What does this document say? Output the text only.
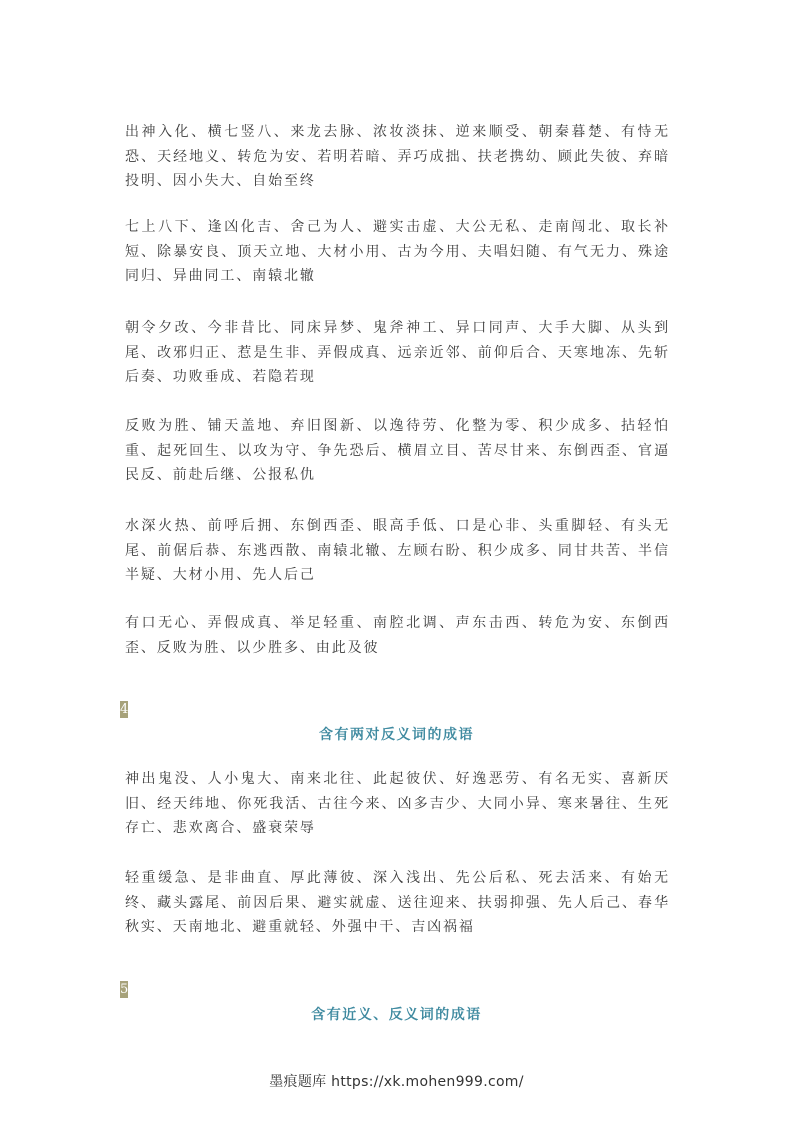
出神入化、横七竖八、来龙去脉、浓妆淡抹、逆来顺受、朝秦暮楚、有恃无恐、天经地义、转危为安、若明若暗、弄巧成拙、扶老携幼、顾此失彼、弃暗投明、因小失大、自始至终

七上八下、逢凶化吉、舍己为人、避实击虚、大公无私、走南闯北、取长补短、除暴安良、顶天立地、大材小用、古为今用、夫唱妇随、有气无力、殊途同归、异曲同工、南辕北辙

朝令夕改、今非昔比、同床异梦、鬼斧神工、异口同声、大手大脚、从头到尾、改邪归正、惹是生非、弄假成真、远亲近邻、前仰后合、天寒地冻、先斩后奏、功败垂成、若隐若现

反败为胜、铺天盖地、弃旧图新、以逸待劳、化整为零、积少成多、拈轻怕重、起死回生、以攻为守、争先恐后、横眉立目、苦尽甘来、东倒西歪、官逼民反、前赴后继、公报私仇

水深火热、前呼后拥、东倒西歪、眼高手低、口是心非、头重脚轻、有头无尾、前倨后恭、东逃西散、南辕北辙、左顾右盼、积少成多、同甘共苦、半信半疑、大材小用、先人后己

有口无心、弄假成真、举足轻重、南腔北调、声东击西、转危为安、东倒西歪、反败为胜、以少胜多、由此及彼

4
含有两对反义词的成语

神出鬼没、人小鬼大、南来北往、此起彼伏、好逸恶劳、有名无实、喜新厌旧、经天纬地、你死我活、古往今来、凶多吉少、大同小异、寒来暑往、生死存亡、悲欢离合、盛衰荣辱

轻重缓急、是非曲直、厚此薄彼、深入浅出、先公后私、死去活来、有始无终、藏头露尾、前因后果、避实就虚、送往迎来、扶弱抑强、先人后己、春华秋实、天南地北、避重就轻、外强中干、吉凶祸福

5
含有近义、反义词的成语
墨痕题库 https://xk.mohen999.com/
